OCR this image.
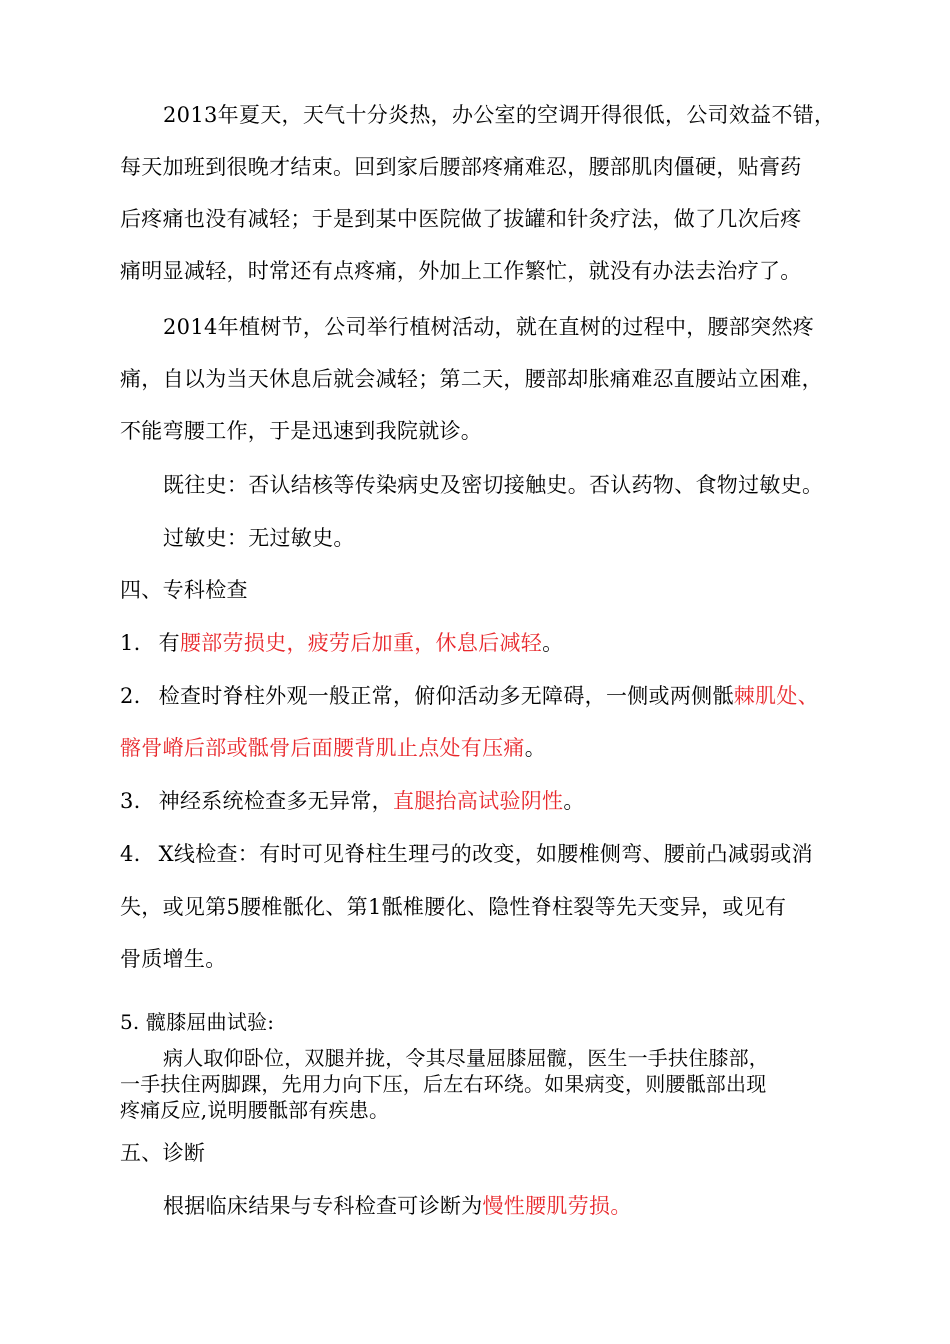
2013年夏天，天气十分炎热，办公室的空调开得很低，公司效益不错，
每天加班到很晚才结束。回到家后腰部疼痛难忍，腰部肌肉僵硬，贴膏药
后疼痛也没有减轻；于是到某中医院做了拔罐和针灸疗法，做了几次后疼
痛明显减轻，时常还有点疼痛，外加上工作繁忙，就没有办法去治疗了。
2014年植树节，公司举行植树活动，就在直树的过程中，腰部突然疼
痛，自以为当天休息后就会减轻；第二天，腰部却胀痛难忍直腰站立困难，
不能弯腰工作，于是迅速到我院就诊。
既往史：否认结核等传染病史及密切接触史。否认药物、食物过敏史。
过敏史：无过敏史。
四、专科检查
1. 有腰部劳损史，疲劳后加重，休息后减轻。
2. 检查时脊柱外观一般正常，俯仰活动多无障碍，一侧或两侧骶棘肌处、
髂骨嵴后部或骶骨后面腰背肌止点处有压痛。
3. 神经系统检查多无异常，直腿抬高试验阴性。
4. X线检查：有时可见脊柱生理弓的改变，如腰椎侧弯、腰前凸减弱或消
失，或见第5腰椎骶化、第1骶椎腰化、隐性脊柱裂等先天变异，或见有
骨质增生。
5. 髋膝屈曲试验:
病人取仰卧位，双腿并拢，令其尽量屈膝屈髋，医生一手扶住膝部，
一手扶住两脚踝，先用力向下压，后左右环绕。如果病变，则腰骶部出现
疼痛反应,说明腰骶部有疾患。
五、诊断
根据临床结果与专科检查可诊断为慢性腰肌劳损。
